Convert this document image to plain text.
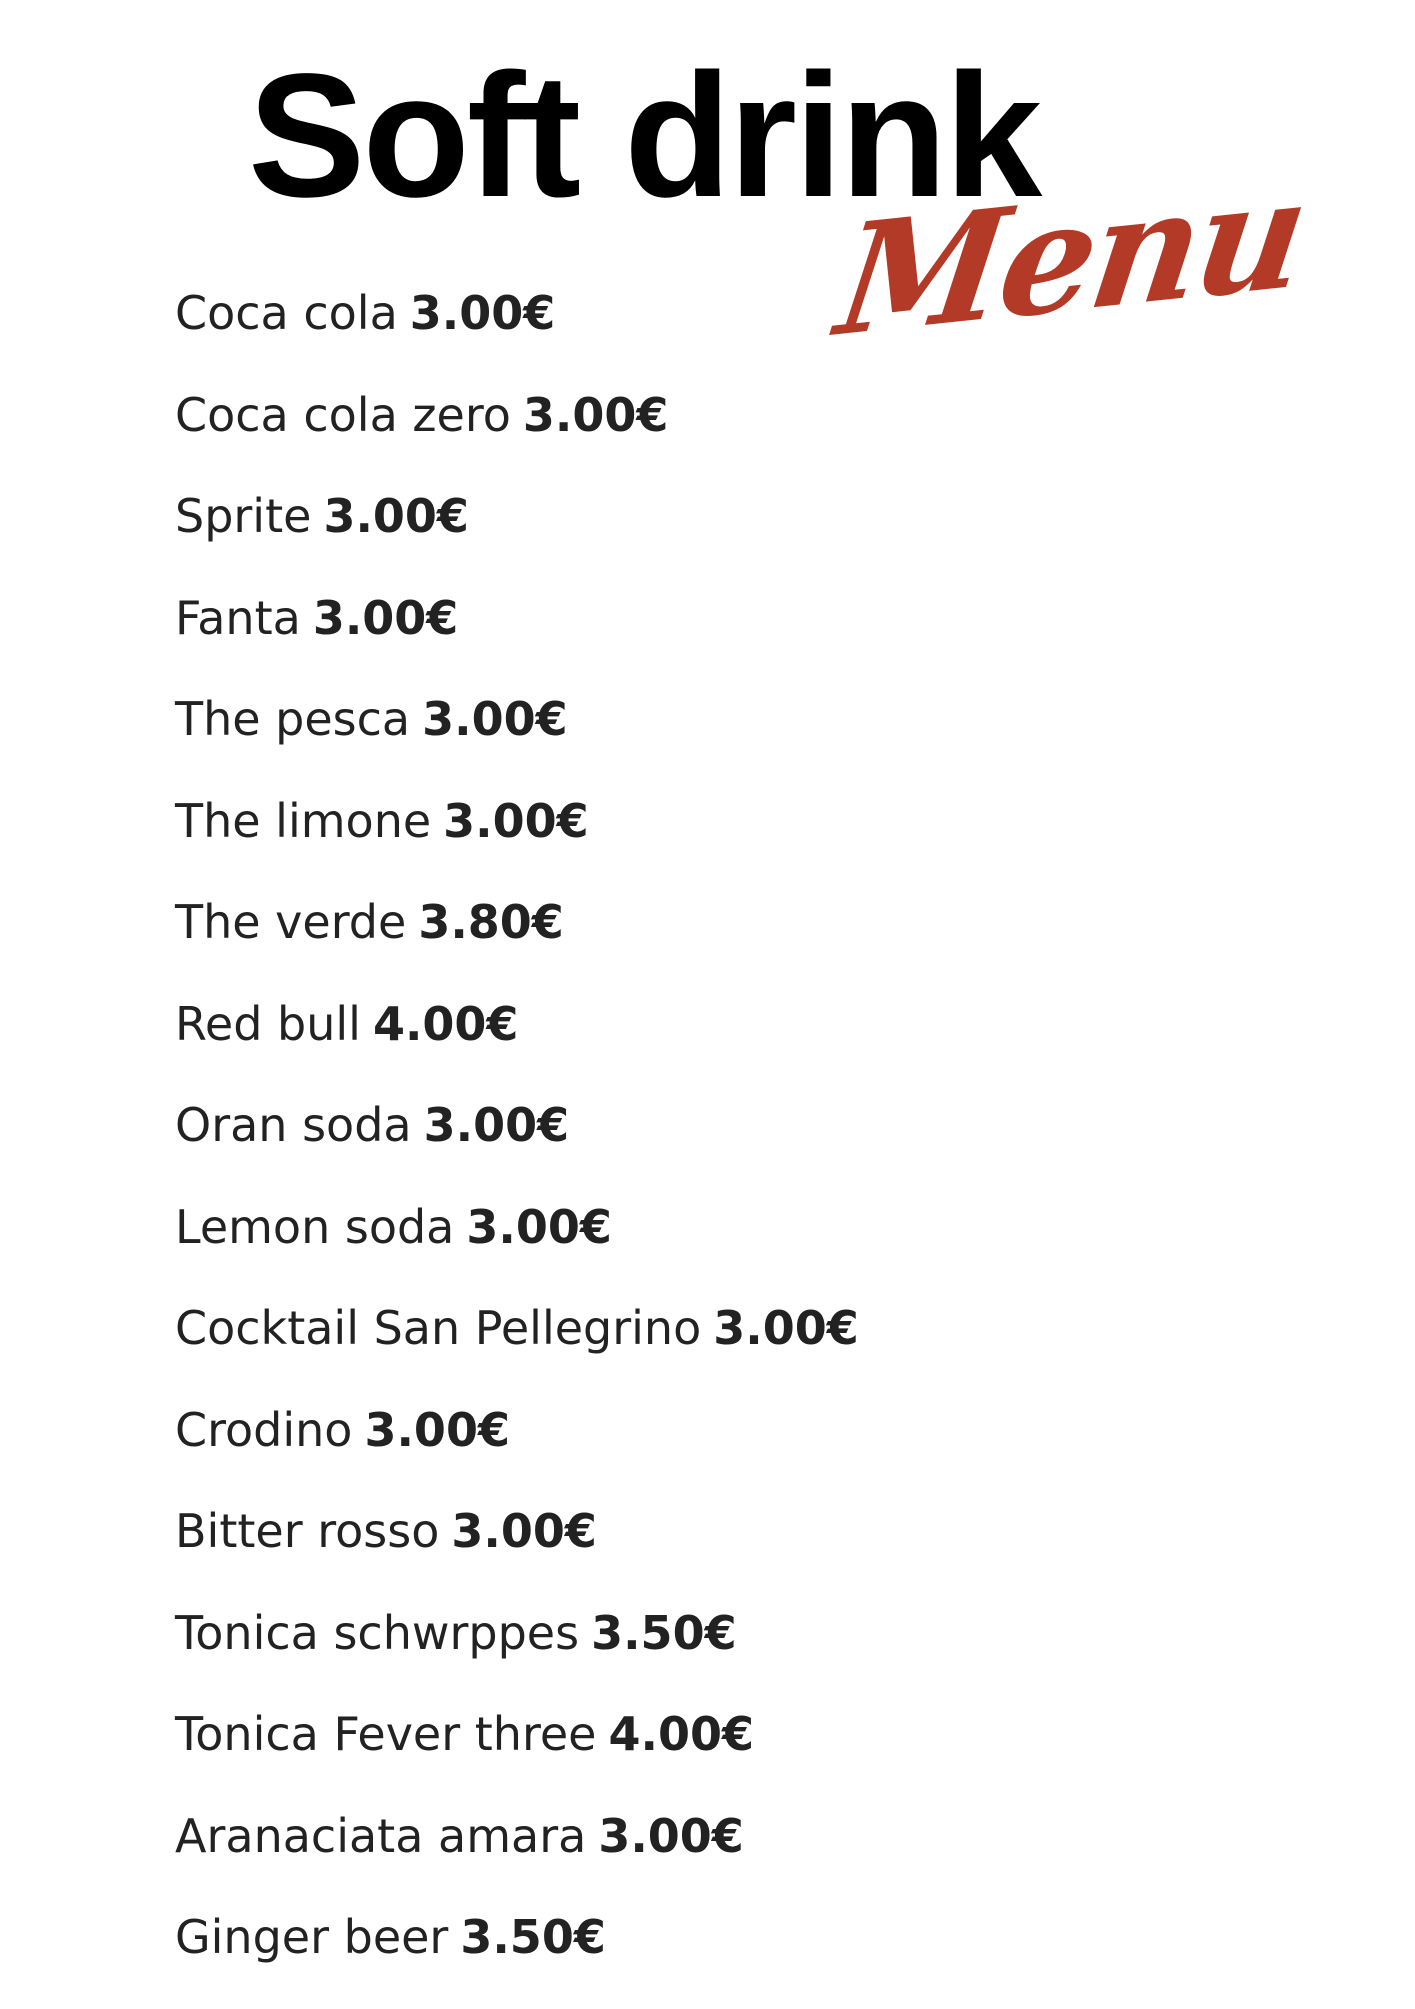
Soft drink
Menu
Coca cola 3.00€
Coca cola zero 3.00€
Sprite 3.00€
Fanta 3.00€
The pesca 3.00€
The limone 3.00€
The verde 3.80€
Red bull 4.00€
Oran soda 3.00€
Lemon soda 3.00€
Cocktail San Pellegrino 3.00€
Crodino 3.00€
Bitter rosso 3.00€
Tonica schwrppes 3.50€
Tonica Fever three 4.00€
Aranaciata amara 3.00€
Ginger beer 3.50€
